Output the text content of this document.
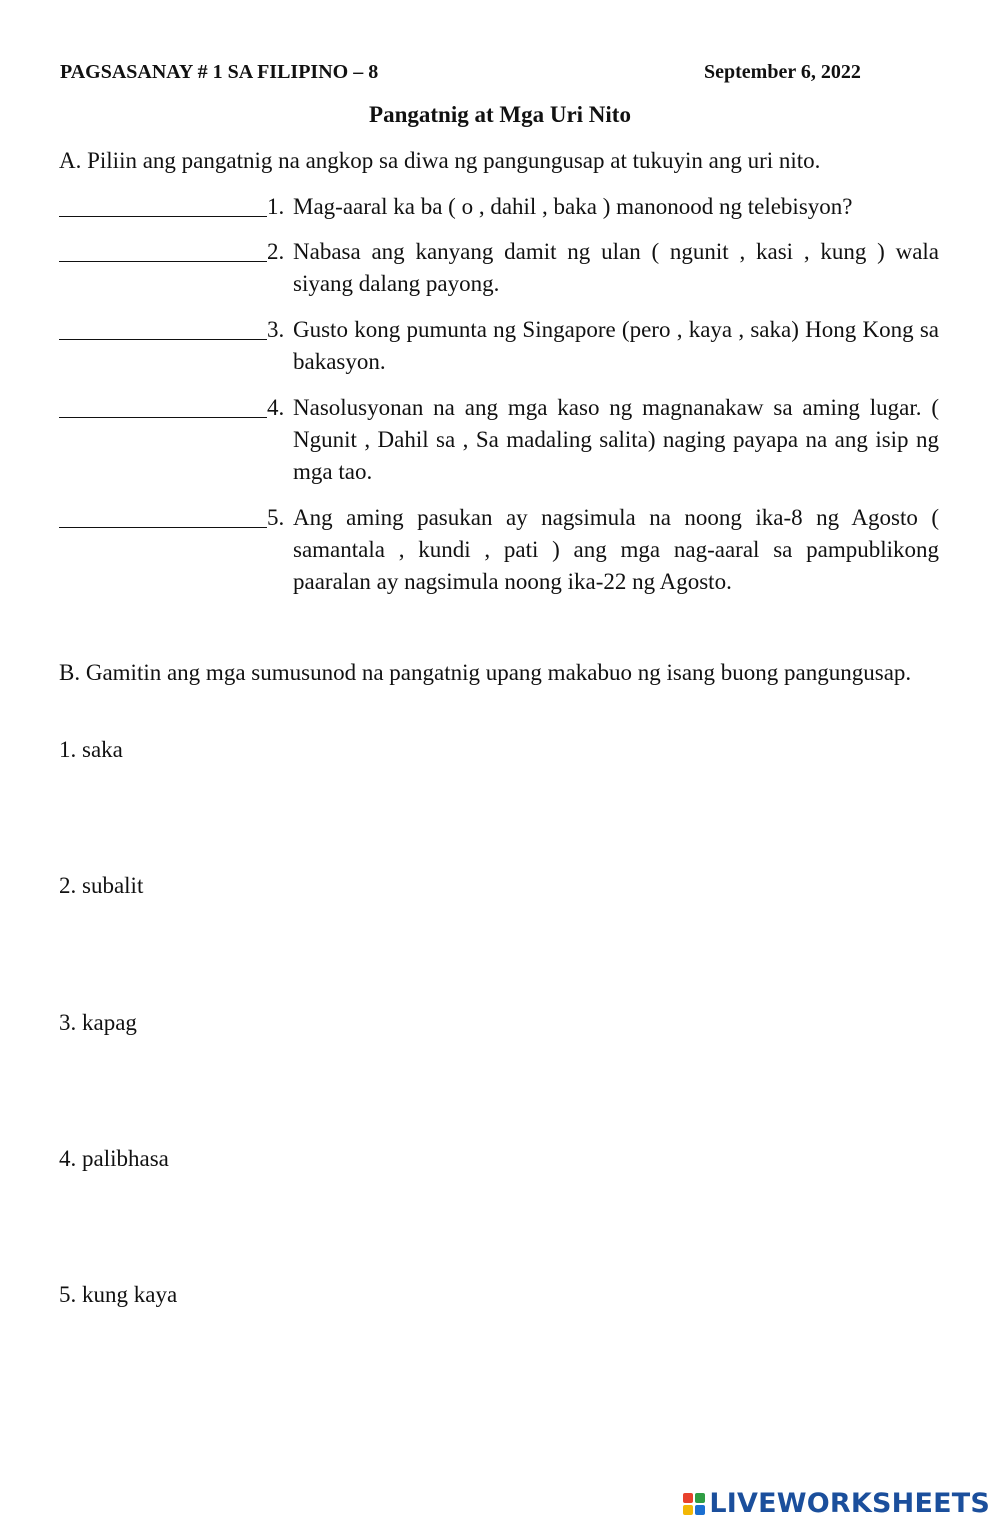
PAGSASANAY # 1 SA FILIPINO – 8	September 6, 2022
Pangatnig at Mga Uri Nito
A. Piliin ang pangatnig na angkop sa diwa ng pangungusap at tukuyin ang uri nito.
1. Mag-aaral ka ba ( o , dahil , baka ) manonood ng telebisyon?
2. Nabasa ang kanyang damit ng ulan ( ngunit , kasi , kung ) wala siyang dalang payong.
3. Gusto kong pumunta ng Singapore (pero , kaya , saka) Hong Kong sa bakasyon.
4. Nasolusyonan na ang mga kaso ng magnanakaw sa aming lugar. ( Ngunit , Dahil sa , Sa madaling salita) naging payapa na ang isip ng mga tao.
5. Ang aming pasukan ay nagsimula na noong ika-8 ng Agosto ( samantala , kundi , pati ) ang mga nag-aaral sa pampublikong paaralan ay nagsimula noong ika-22 ng Agosto.
B. Gamitin ang mga sumusunod na pangatnig upang makabuo ng isang buong pangungusap.
1. saka
2. subalit
3. kapag
4. palibhasa
5. kung kaya
LIVEWORKSHEETS
